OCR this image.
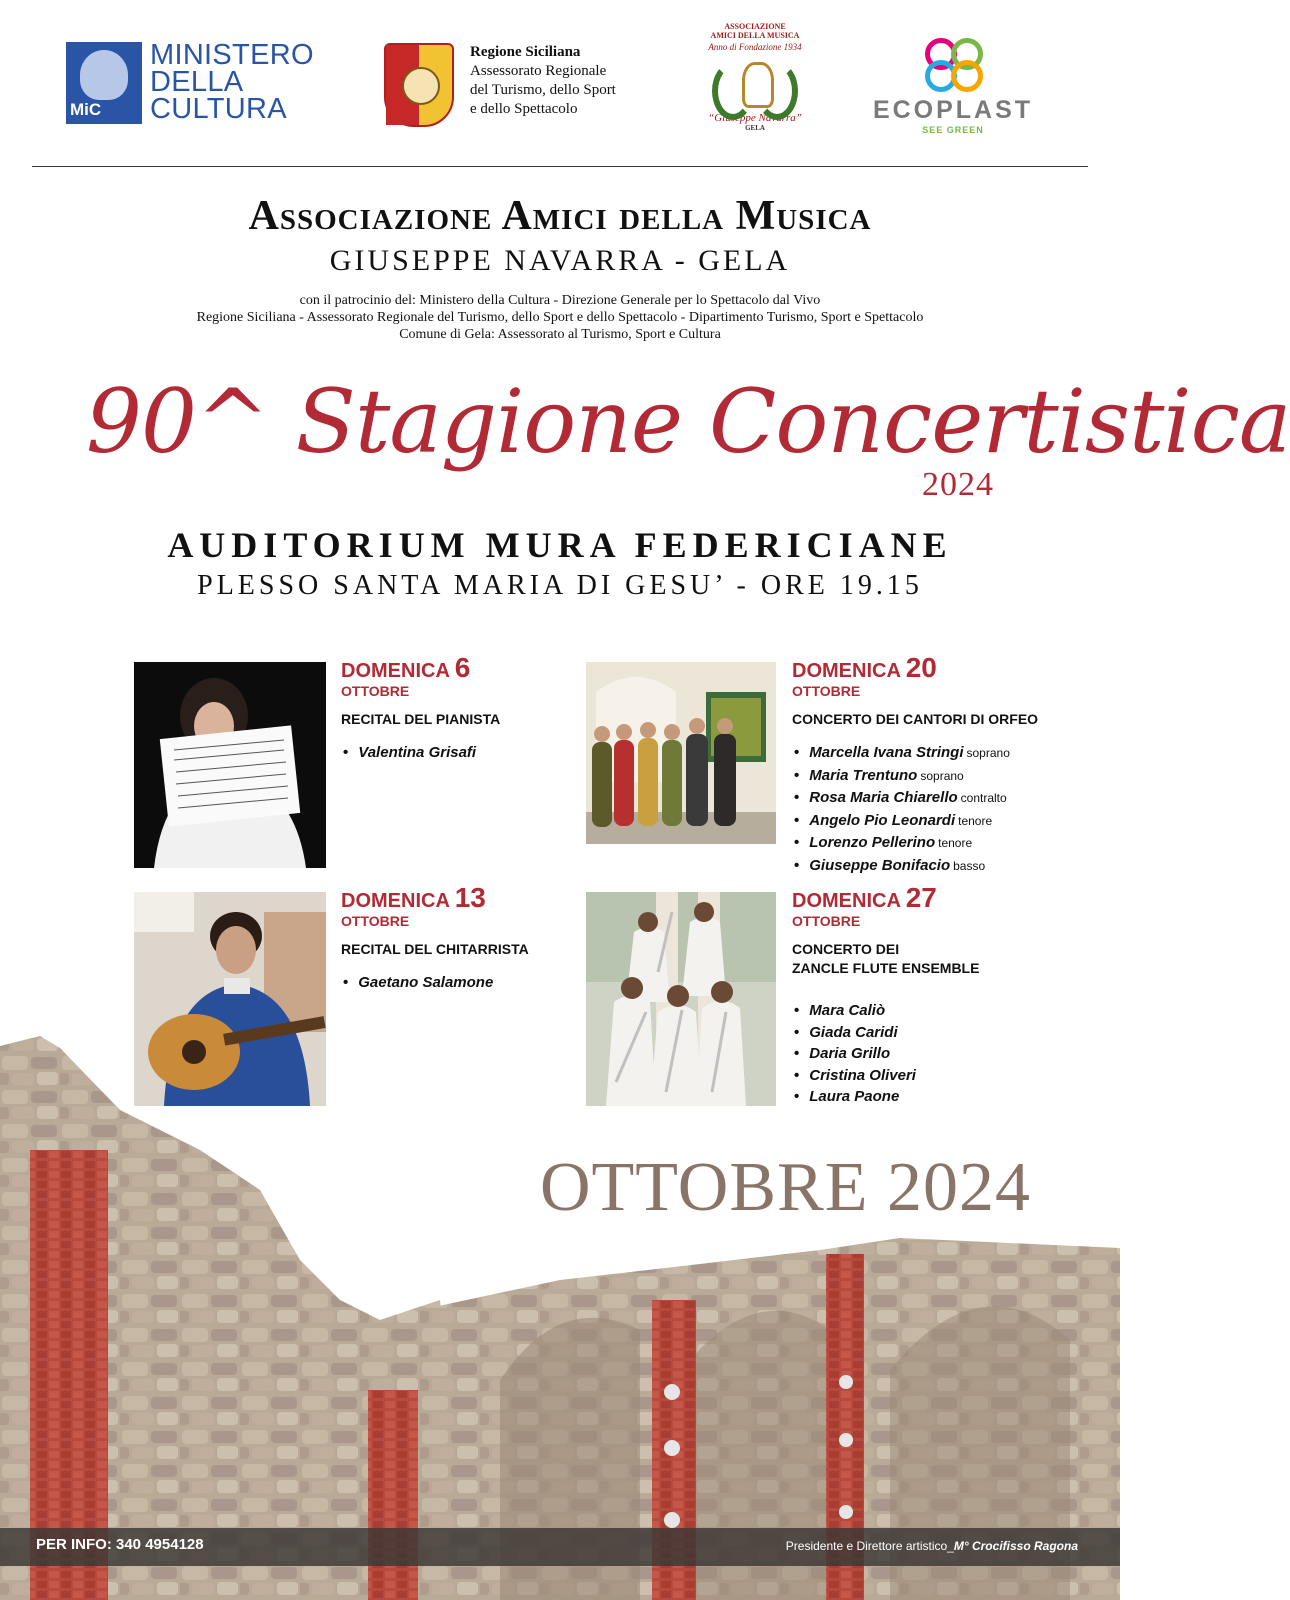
MiC
MINISTERO
DELLA
CULTURA
Regione Siciliana
Assessorato Regionale
del Turismo, dello Sport
e dello Spettacolo
ASSOCIAZIONE
AMICI DELLA MUSICA
Anno di Fondazione 1934
“Giuseppe Navarra”
GELA
ECOPLAST
SEE GREEN
Associazione Amici della Musica
GIUSEPPE NAVARRA - GELA
con il patrocinio del: Ministero della Cultura - Direzione Generale per lo Spettacolo dal Vivo
Regione Siciliana - Assessorato Regionale del Turismo, dello Sport e dello Spettacolo - Dipartimento Turismo, Sport e Spettacolo
Comune di Gela: Assessorato al Turismo, Sport e Cultura
90^ Stagione Concertistica
2024
AUDITORIUM MURA FEDERICIANE
PLESSO SANTA MARIA DI GESU’ - ORE 19.15
DOMENICA 6
OTTOBRE
RECITAL DEL PIANISTA
• Valentina Grisafi
DOMENICA 20
OTTOBRE
CONCERTO DEI CANTORI DI ORFEO
• Marcella Ivana Stringi soprano
• Maria Trentuno soprano
• Rosa Maria Chiarello contralto
• Angelo Pio Leonardi tenore
• Lorenzo Pellerino tenore
• Giuseppe Bonifacio basso
DOMENICA 13
OTTOBRE
RECITAL DEL CHITARRISTA
• Gaetano Salamone
DOMENICA 27
OTTOBRE
CONCERTO DEI
ZANCLE FLUTE ENSEMBLE
• Mara Caliò
• Giada Caridi
• Daria Grillo
• Cristina Oliveri
• Laura Paone
OTTOBRE 2024
PER INFO: 340 4954128	Presidente e Direttore artistico_M° Crocifisso Ragona
